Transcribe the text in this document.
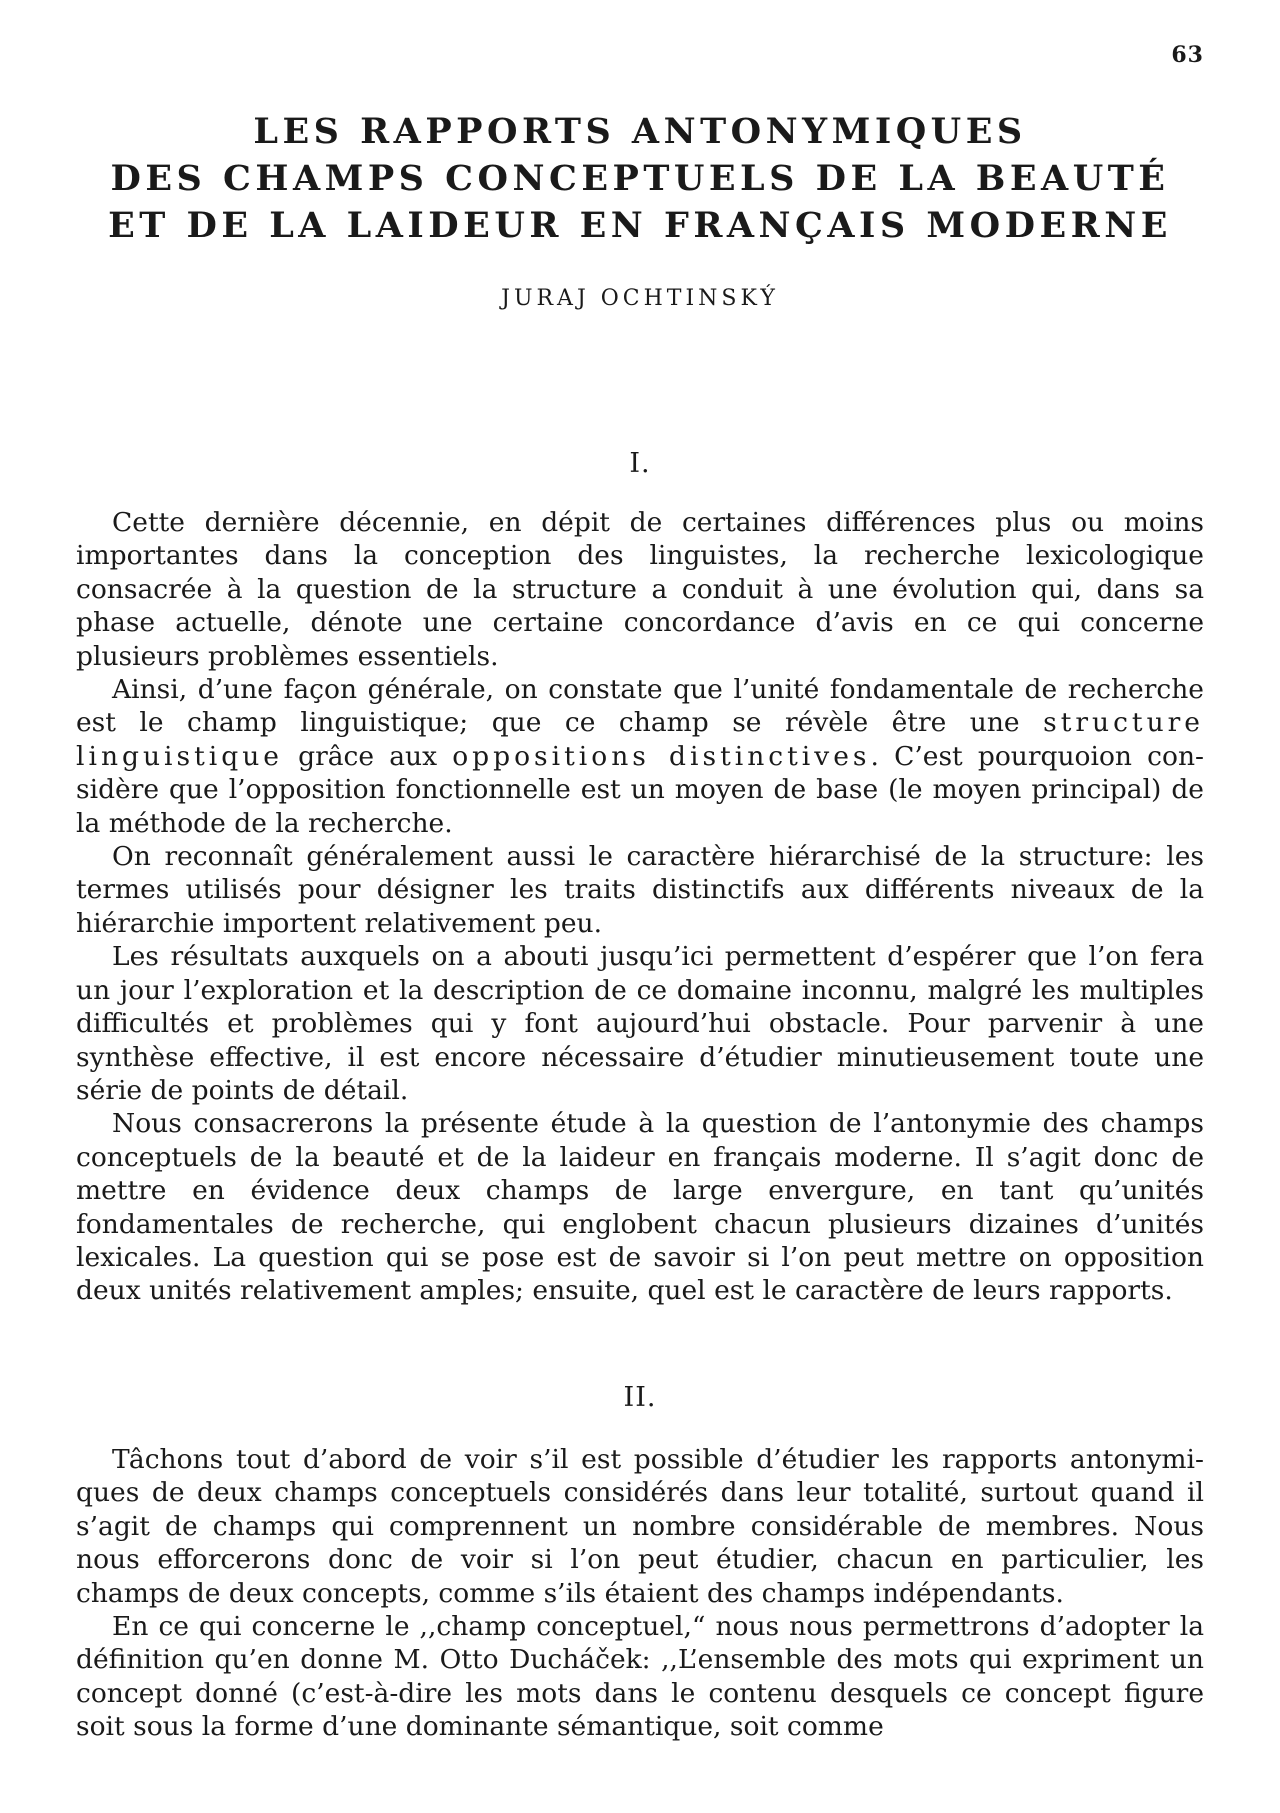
63
LES RAPPORTS ANTONYMIQUES
DES CHAMPS CONCEPTUELS DE LA BEAUTÉ
ET DE LA LAIDEUR EN FRANÇAIS MODERNE
JURAJ OCHTINSKÝ
I.

Cette dernière décennie, en dépit de certaines différences plus ou moins importantes dans la conception des linguistes, la recherche lexicologique consacrée à la question de la structure a conduit à une évolution qui, dans sa phase actuelle, dénote une certaine concordance d’avis en ce qui concerne plusieurs problèmes essentiels.

Ainsi, d’une façon générale, on constate que l’unité fondamentale de recherche est le champ linguistique; que ce champ se révèle être une structure linguistique grâce aux oppositions distinctives. C’est pourquoion considère que l’opposition fonctionnelle est un moyen de base (le moyen principal) de la méthode de la recherche.

On reconnaît généralement aussi le caractère hiérarchisé de la structure: les termes utilisés pour désigner les traits distinctifs aux différents niveaux de la hiérarchie importent relativement peu.

Les résultats auxquels on a abouti jusqu’ici permettent d’espérer que l’on fera un jour l’exploration et la description de ce domaine inconnu, malgré les multiples difficultés et problèmes qui y font aujourd’hui obstacle. Pour parvenir à une synthèse effective, il est encore nécessaire d’étudier minutieusement toute une série de points de détail.

Nous consacrerons la présente étude à la question de l’antonymie des champs conceptuels de la beauté et de la laideur en français moderne. Il s’agit donc de mettre en évidence deux champs de large envergure, en tant qu’unités fondamentales de recherche, qui englobent chacun plusieurs dizaines d’unités lexicales. La question qui se pose est de savoir si l’on peut mettre on opposition deux unités relativement amples; ensuite, quel est le caractère de leurs rapports.

II.

Tâchons tout d’abord de voir s’il est possible d’étudier les rapports antonymiques de deux champs conceptuels considérés dans leur totalité, surtout quand il s’agit de champs qui comprennent un nombre considérable de membres. Nous nous efforcerons donc de voir si l’on peut étudier, chacun en particulier, les champs de deux concepts, comme s’ils étaient des champs indépendants.

En ce qui concerne le ,,champ conceptuel,“ nous nous permettrons d’adopter la définition qu’en donne M. Otto Ducháček: ,,L’ensemble des mots qui expriment un concept donné (c’est-à-dire les mots dans le contenu desquels ce concept figure soit sous la forme d’une dominante sémantique, soit comme
